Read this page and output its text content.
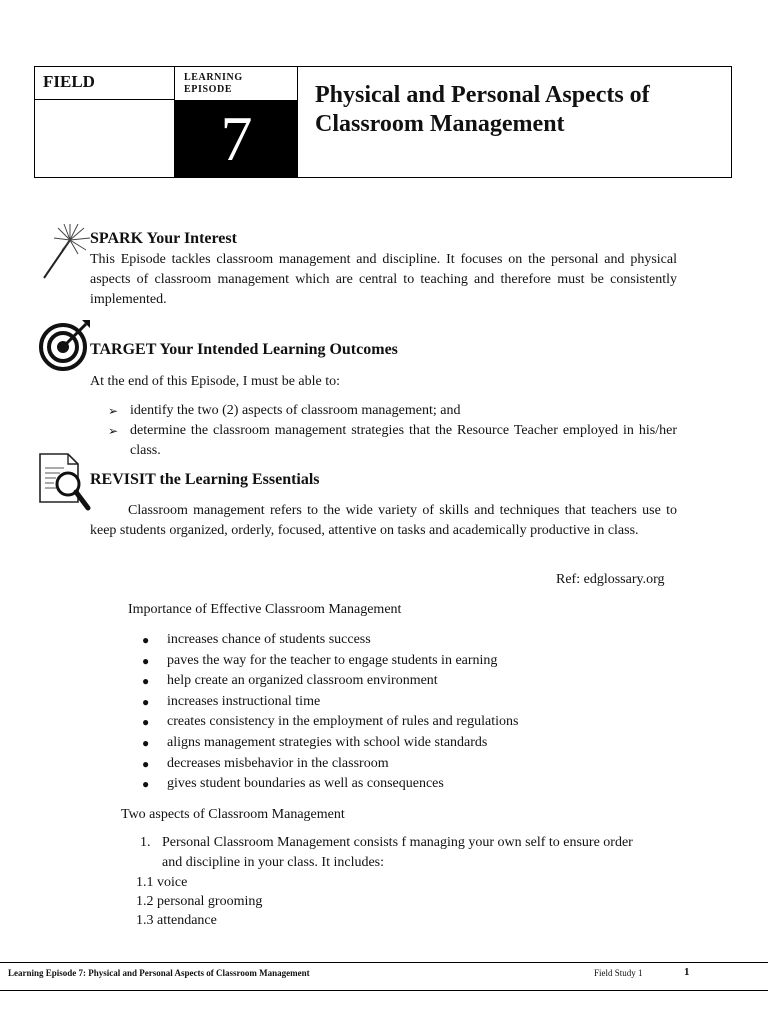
FIELD	LEARNING
EPISODE
7
Physical and Personal Aspects of
Classroom Management
SPARK Your Interest
This Episode tackles classroom management and discipline. It focuses on the personal and physical aspects of classroom management which are central to teaching and therefore must be consistently implemented.
TARGET Your Intended Learning Outcomes
At the end of this Episode, I must be able to:
➢ identify the two (2) aspects of classroom management; and
➢ determine the classroom management strategies that the Resource Teacher employed in his/her class.
REVISIT the Learning Essentials
Classroom management refers to the wide variety of skills and techniques that teachers use to keep students organized, orderly, focused, attentive on tasks and academically productive in class.
Ref: edglossary.org
Importance of Effective Classroom Management
● increases chance of students success
● paves the way for the teacher to engage students in earning
● help create an organized classroom environment
● increases instructional time
● creates consistency in the employment of rules and regulations
● aligns management strategies with school wide standards
● decreases misbehavior in the classroom
● gives student boundaries as well as consequences
Two aspects of Classroom Management
1. Personal Classroom Management consists f managing your own self to ensure order
and discipline in your class. It includes:
1.1 voice
1.2 personal grooming
1.3 attendance
Learning Episode 7: Physical and Personal Aspects of Classroom Management	Field Study 1	1
